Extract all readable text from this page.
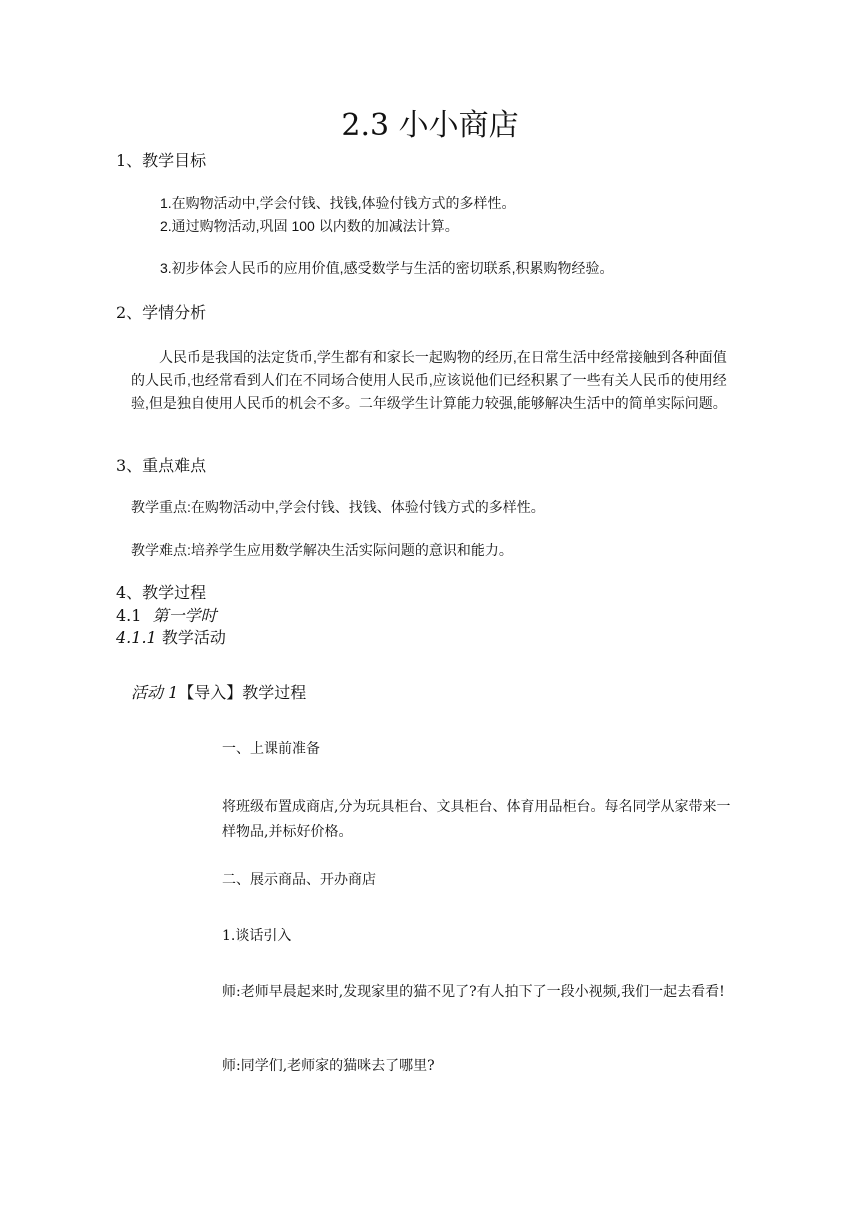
2.3 小小商店
1、教学目标
1.在购物活动中,学会付钱、找钱,体验付钱方式的多样性。
2.通过购物活动,巩固 100 以内数的加减法计算。
3.初步体会人民币的应用价值,感受数学与生活的密切联系,积累购物经验。
2、学情分析
人民币是我国的法定货币,学生都有和家长一起购物的经历,在日常生活中经常接触到各种面值的人民币,也经常看到人们在不同场合使用人民币,应该说他们已经积累了一些有关人民币的使用经验,但是独自使用人民币的机会不多。二年级学生计算能力较强,能够解决生活中的简单实际问题。
3、重点难点
教学重点:在购物活动中,学会付钱、找钱、体验付钱方式的多样性。
教学难点:培养学生应用数学解决生活实际问题的意识和能力。
4、教学过程
4.1 第一学时
4.1.1 教学活动
活动 1【导入】教学过程
一、上课前准备
将班级布置成商店,分为玩具柜台、文具柜台、体育用品柜台。每名同学从家带来一样物品,并标好价格。
二、展示商品、开办商店
1.谈话引入
师:老师早晨起来时,发现家里的猫不见了?有人拍下了一段小视频,我们一起去看看!
师:同学们,老师家的猫咪去了哪里?
